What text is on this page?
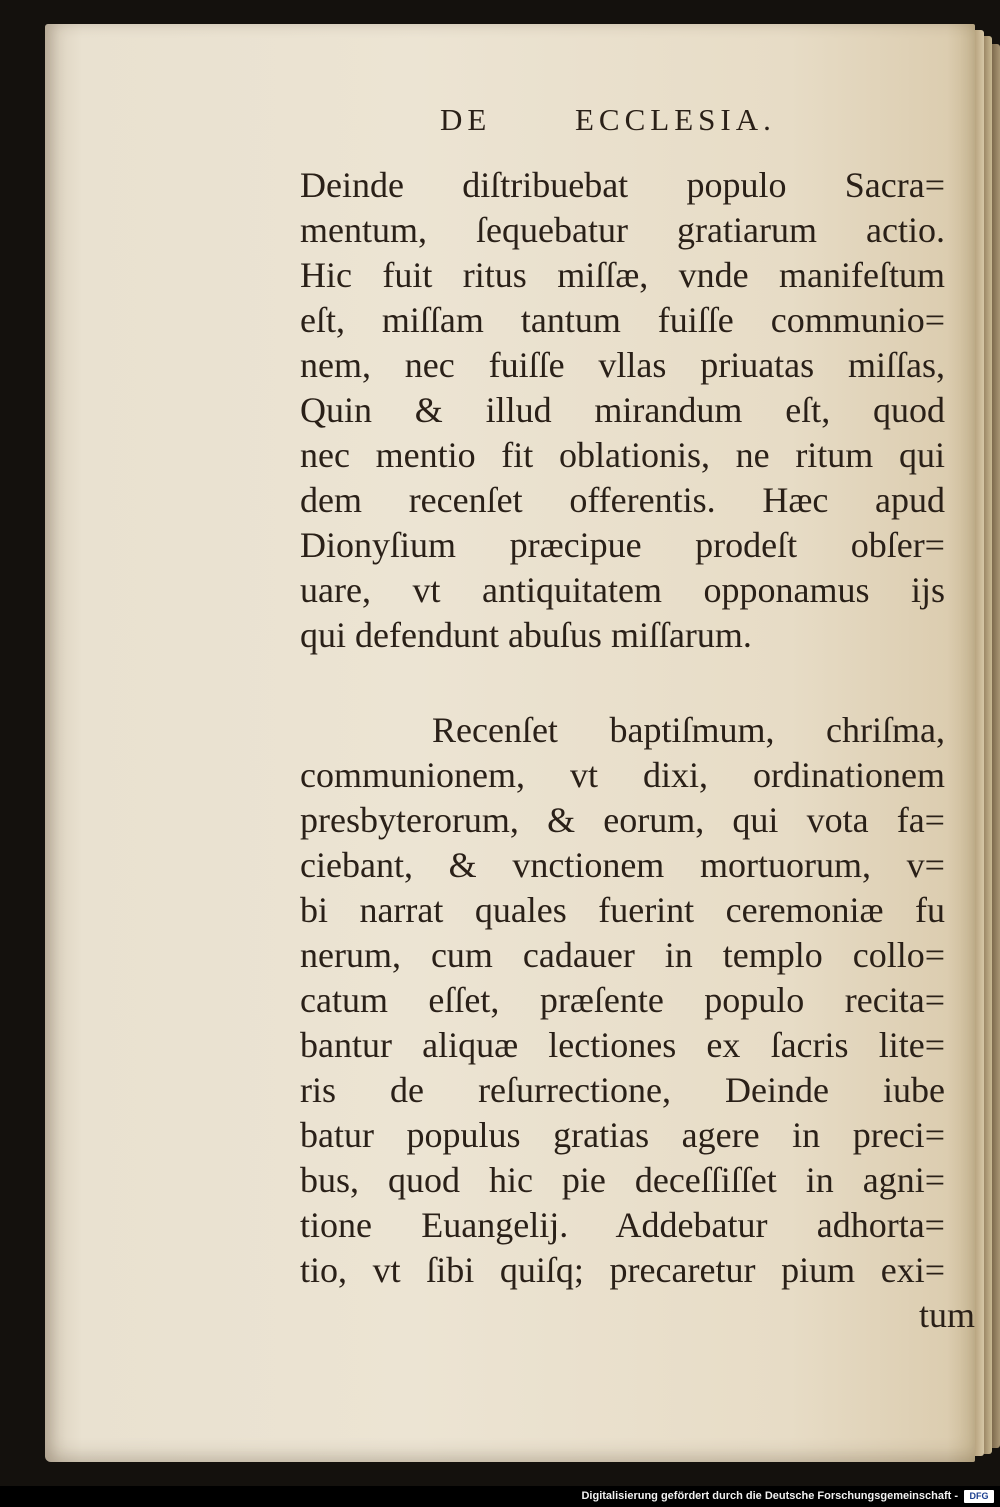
DE	ECCLESIA.
Deinde diſtribuebat populo Sacra=
mentum, ſequebatur gratiarum actio.
Hic fuit ritus miſſæ, vnde manifeſtum
eſt, miſſam tantum fuiſſe communio=
nem, nec fuiſſe vllas priuatas miſſas,
Quin & illud mirandum eſt, quod
nec mentio fit oblationis, ne ritum qui
dem recenſet offerentis. Hæc apud
Dionyſium præcipue prodeſt obſer=
uare, vt antiquitatem opponamus ijs
qui defendunt abuſus miſſarum.
Recenſet baptiſmum, chriſma,
communionem, vt dixi, ordinationem
presbyterorum, & eorum, qui vota fa=
ciebant, & vnctionem mortuorum, v=
bi narrat quales fuerint ceremoniæ fu
nerum, cum cadauer in templo collo=
catum eſſet, præſente populo recita=
bantur aliquæ lectiones ex ſacris lite=
ris de reſurrectione, Deinde iube
batur populus gratias agere in preci=
bus, quod hic pie deceſſiſſet in agni=
tione Euangelij. Addebatur adhorta=
tio, vt ſibi quiſq; precaretur pium exi=
tum
Digitalisierung gefördert durch die Deutsche Forschungsgemeinschaft -	DFG
